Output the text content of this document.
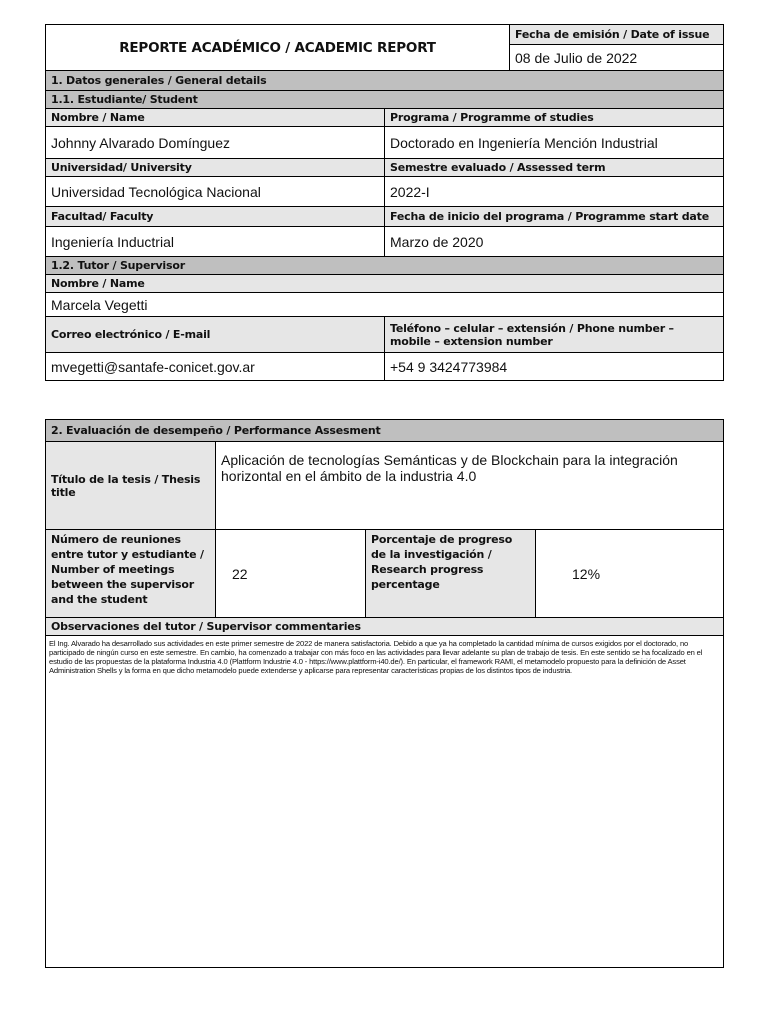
REPORTE ACADÉMICO / ACADEMIC REPORT		Fecha de emisión / Date of issue
		08 de Julio de 2022
1. Datos generales / General details		
1.1. Estudiante/ Student		
Nombre / Name	Programa / Programme of studies	
Johnny Alvarado Domínguez	Doctorado en Ingeniería Mención Industrial	
Universidad/ University	Semestre evaluado / Assessed term	
Universidad Tecnológica Nacional	2022-I	
Facultad/ Faculty	Fecha de inicio del programa / Programme start date	
Ingeniería Inductrial	Marzo de 2020	
1.2. Tutor / Supervisor		
Nombre / Name		
Marcela Vegetti		
Correo electrónico / E-mail	Teléfono – celular – extensión / Phone number – mobile – extension number	
mvegetti@santafe-conicet.gov.ar	+54 9 3424773984	
2. Evaluación de desempeño / Performance Assesment			
Título de la tesis / Thesis title	Aplicación de tecnologías Semánticas y de Blockchain para la integración horizontal en el ámbito de la industria 4.0		
Número de reuniones entre tutor y estudiante / Number of meetings between the supervisor and the student	22	Porcentaje de progreso de la investigación / Research progress percentage	12%
Observaciones del tutor / Supervisor commentaries			
El Ing. Alvarado ha desarrollado sus actividades en este primer semestre de 2022 de manera satisfactoria. Debido a que ya ha completado la cantidad mínima de cursos exigidos por el doctorado, no participado de ningún curso en este semestre. En cambio, ha comenzado a trabajar con más foco en las actividades para llevar adelante su plan de trabajo de tesis. En este sentido se ha focalizado en el estudio de las propuestas de la plataforma Industria 4.0 (Plattform Industrie 4.0 - https://www.plattform-i40.de/). En particular, el framework RAMI, el metamodelo propuesto para la definición de Asset Administration Shells y la forma en que dicho metamodelo puede extenderse y aplicarse para representar características propias de los distintos tipos de industria.			
